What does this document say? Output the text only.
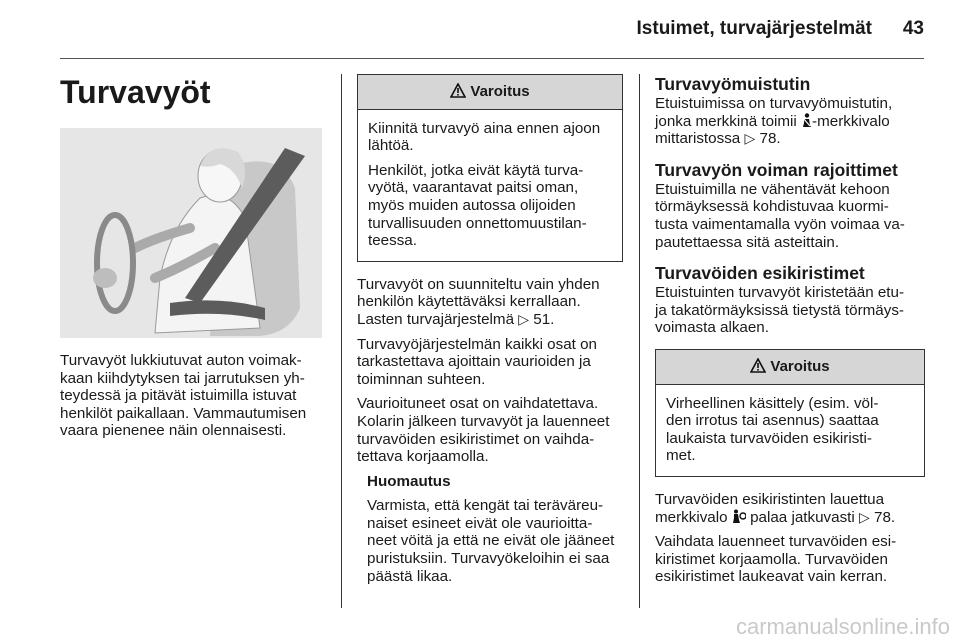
Istuimet, turvajärjestelmät 43
Turvavyöt

Turvavyöt lukkiutuvat auton voimak-
kaan kiihdytyksen tai jarrutuksen yh-
teydessä ja pitävät istuimilla istuvat
henkilöt paikallaan. Vammautumisen
vaara pienenee näin olennaisesti.

Varoitus

Kiinnitä turvavyö aina ennen ajoon
lähtöä.

Henkilöt, jotka eivät käytä turva-
vyötä, vaarantavat paitsi oman,
myös muiden autossa olijoiden
turvallisuuden onnettomuustilan-
teessa.

Turvavyöt on suunniteltu vain yhden
henkilön käytettäväksi kerrallaan.
Lasten turvajärjestelmä ▷ 51.

Turvavyöjärjestelmän kaikki osat on
tarkastettava ajoittain vaurioiden ja
toiminnan suhteen.

Vaurioituneet osat on vaihdatettava.
Kolarin jälkeen turvavyöt ja lauenneet
turvavöiden esikiristimet on vaihda-
tettava korjaamolla.

Huomautus

Varmista, että kengät tai teräväreu-
naiset esineet eivät ole vaurioitta-
neet vöitä ja että ne eivät ole jääneet
puristuksiin. Turvavyökeloihin ei saa
päästä likaa.

Turvavyömuistutin

Etuistuimissa on turvavyömuistutin,
jonka merkkinä toimii -merkkivalo
mittaristossa ▷ 78.

Turvavyön voiman rajoittimet

Etuistuimilla ne vähentävät kehoon
törmäyksessä kohdistuvaa kuormi-
tusta vaimentamalla vyön voimaa va-
pautettaessa sitä asteittain.

Turvavöiden esikiristimet

Etuistuinten turvavyöt kiristetään etu-
ja takatörmäyksissä tietystä törmäys-
voimasta alkaen.

Varoitus

Virheellinen käsittely (esim. völ-
den irrotus tai asennus) saattaa
laukaista turvavöiden esikiristi-
met.

Turvavöiden esikiristinten lauettua
merkkivalo palaa jatkuvasti ▷ 78.

Vaihdata lauenneet turvavöiden esi-
kiristimet korjaamolla. Turvavöiden
esikiristimet laukeavat vain kerran.

carmanualsonline.info
